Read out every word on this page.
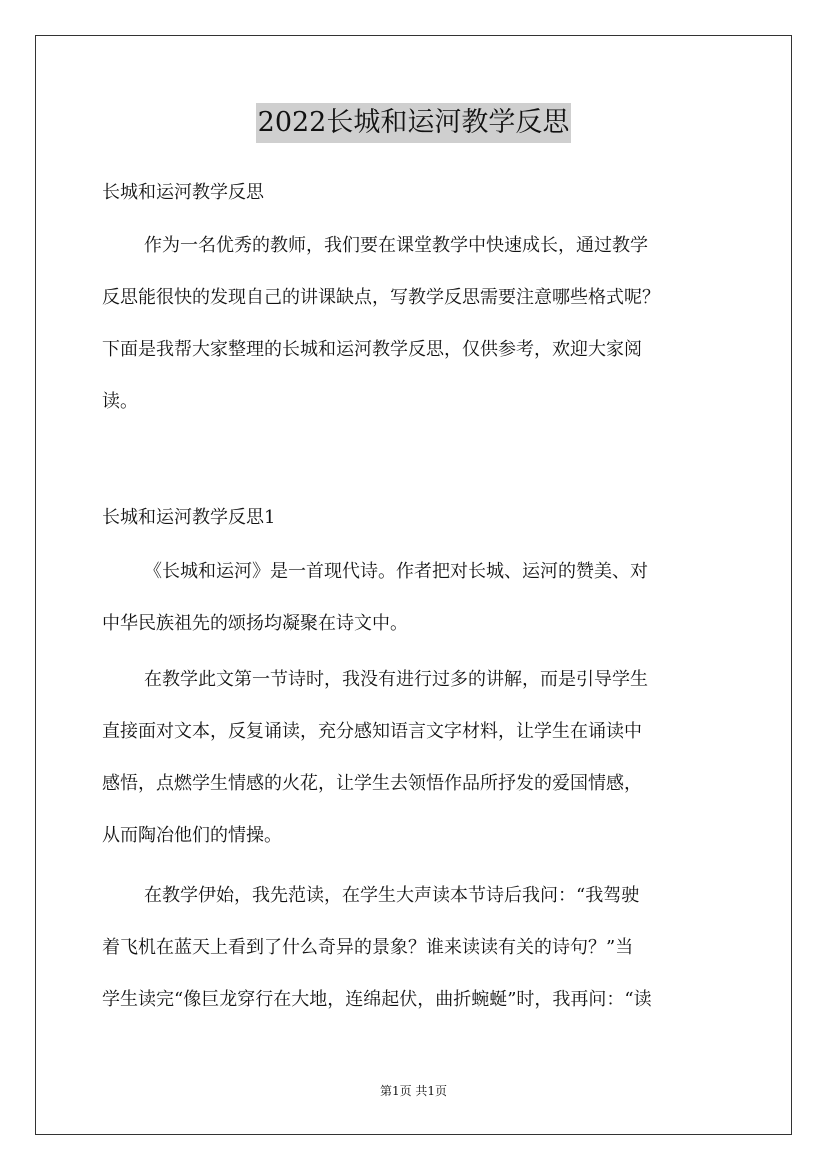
2022长城和运河教学反思
长城和运河教学反思
作为一名优秀的教师，我们要在课堂教学中快速成长，通过教学
反思能很快的发现自己的讲课缺点，写教学反思需要注意哪些格式呢？
下面是我帮大家整理的长城和运河教学反思，仅供参考，欢迎大家阅
读。
长城和运河教学反思1
《长城和运河》是一首现代诗。作者把对长城、运河的赞美、对
中华民族祖先的颂扬均凝聚在诗文中。
在教学此文第一节诗时，我没有进行过多的讲解，而是引导学生
直接面对文本，反复诵读，充分感知语言文字材料，让学生在诵读中
感悟，点燃学生情感的火花，让学生去领悟作品所抒发的爱国情感，
从而陶冶他们的情操。
在教学伊始，我先范读，在学生大声读本节诗后我问：“我驾驶
着飞机在蓝天上看到了什么奇异的景象？谁来读读有关的诗句？”当
学生读完“像巨龙穿行在大地，连绵起伏，曲折蜿蜒”时，我再问：“读
第1页 共1页
